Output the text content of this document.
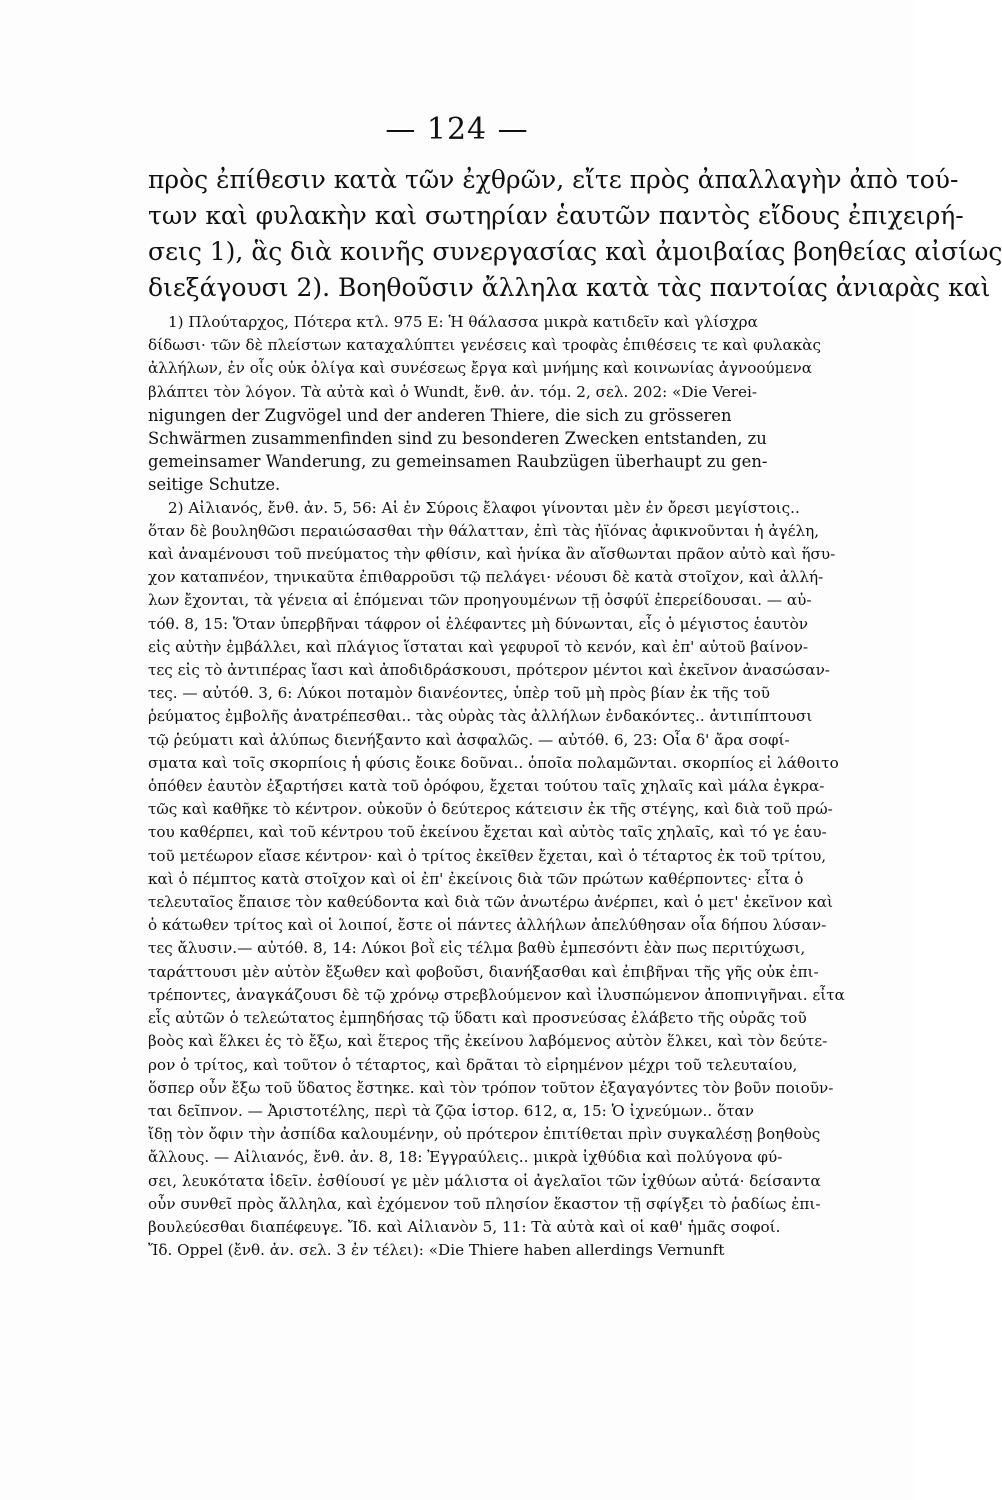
— 124 —
πρὸς ἐπίθεσιν κατὰ τῶν ἐχθρῶν, εἴτε πρὸς ἀπαλλαγὴν ἀπὸ τού-
των καὶ φυλακὴν καὶ σωτηρίαν ἑαυτῶν παντὸς εἴδους ἐπιχειρή-
σεις 1), ἃς διὰ κοινῆς συνεργασίας καὶ ἀμοιβαίας βοηθείας αἰσίως
διεξάγουσι 2). Βοηθοῦσιν ἄλληλα κατὰ τὰς παντοίας ἀνιαρὰς καὶ
1) Πλούταρχος, Πότερα κτλ. 975 E: Ἡ θάλασσα μικρὰ κατιδεῖν καὶ γλίσχρα
δίδωσι· τῶν δὲ πλείστων καταχαλύπτει γενέσεις καὶ τροφὰς ἐπιθέσεις τε καὶ φυλακὰς
ἀλλήλων, ἐν οἷς οὐκ ὀλίγα καὶ συνέσεως ἔργα καὶ μνήμης καὶ κοινωνίας ἀγνοούμενα
βλάπτει τὸν λόγον. Τὰ αὐτὰ καὶ ὁ Wundt, ἔνθ. ἀν. τόμ. 2, σελ. 202: «Die Verei-
nigungen der Zugvögel und der anderen Thiere, die sich zu grösseren
Schwärmen zusammenfinden sind zu besonderen Zwecken entstanden, zu
gemeinsamer Wanderung, zu gemeinsamen Raubzügen überhaupt zu gen-
seitige Schutze.
2) Αἰλιανός, ἔνθ. ἀν. 5, 56: Αἱ ἐν Σύροις ἔλαφοι γίνονται μὲν ἐν ὄρεσι μεγίστοις..
ὅταν δὲ βουληθῶσι περαιώσασθαι τὴν θάλατταν, ἐπὶ τὰς ἠϊόνας ἀφικνοῦνται ἡ ἀγέλη,
καὶ ἀναμένουσι τοῦ πνεύματος τὴν φθίσιν, καὶ ἡνίκα ἂν αἴσθωνται πρᾶον αὐτὸ καὶ ἥσυ-
χον καταπνέον, τηνικαῦτα ἐπιθαρροῦσι τῷ πελάγει· νέουσι δὲ κατὰ στοῖχον, καὶ ἀλλή-
λων ἔχονται, τὰ γένεια αἱ ἑπόμεναι τῶν προηγουμένων τῇ ὀσφύϊ ἐπερείδουσαι. — αὐ-
τόθ. 8, 15: Ὅταν ὑπερβῆναι τάφρον οἱ ἐλέφαντες μὴ δύνωνται, εἷς ὁ μέγιστος ἑαυτὸν
εἰς αὐτὴν ἐμβάλλει, καὶ πλάγιος ἵσταται καὶ γεφυροῖ τὸ κενόν, καὶ ἐπ' αὐτοῦ βαίνον-
τες εἰς τὸ ἀντιπέρας ἴασι καὶ ἀποδιδράσκουσι, πρότερον μέντοι καὶ ἐκεῖνον ἀνασώσαν-
τες. — αὐτόθ. 3, 6: Λύκοι ποταμὸν διανέοντες, ὑπὲρ τοῦ μὴ πρὸς βίαν ἐκ τῆς τοῦ
ῥεύματος ἐμβολῆς ἀνατρέπεσθαι.. τὰς οὐρὰς τὰς ἀλλήλων ἐνδακόντες.. ἀντιπίπτουσι
τῷ ῥεύματι καὶ ἀλύπως διενήξαντο καὶ ἀσφαλῶς. — αὐτόθ. 6, 23: Οἷα δ' ἄρα σοφί-
σματα καὶ τοῖς σκορπίοις ἡ φύσις ἔοικε δοῦναι.. ὁποῖα πολαμῶνται. σκορπίος εἰ λάθοιτο
ὁπόθεν ἑαυτὸν ἐξαρτήσει κατὰ τοῦ ὀρόφου, ἔχεται τούτου ταῖς χηλαῖς καὶ μάλα ἐγκρα-
τῶς καὶ καθῆκε τὸ κέντρον. οὐκοῦν ὁ δεύτερος κάτεισιν ἐκ τῆς στέγης, καὶ διὰ τοῦ πρώ-
του καθέρπει, καὶ τοῦ κέντρου τοῦ ἐκείνου ἔχεται καὶ αὐτὸς ταῖς χηλαῖς, καὶ τό γε ἑαυ-
τοῦ μετέωρον εἴασε κέντρον· καὶ ὁ τρίτος ἐκεῖθεν ἔχεται, καὶ ὁ τέταρτος ἐκ τοῦ τρίτου,
καὶ ὁ πέμπτος κατὰ στοῖχον καὶ οἱ ἐπ' ἐκείνοις διὰ τῶν πρώτων καθέρποντες· εἶτα ὁ
τελευταῖος ἔπαισε τὸν καθεύδοντα καὶ διὰ τῶν ἀνωτέρω ἀνέρπει, καὶ ὁ μετ' ἐκεῖνον καὶ
ὁ κάτωθεν τρίτος καὶ οἱ λοιποί, ἔστε οἱ πάντες ἀλλήλων ἀπελύθησαν οἷα δήπου λύσαν-
τες ἄλυσιν.— αὐτόθ. 8, 14: Λύκοι βοῒ εἰς τέλμα βαθὺ ἐμπεσόντι ἐὰν πως περιτύχωσι,
ταράττουσι μὲν αὐτὸν ἔξωθεν καὶ φοβοῦσι, διανήξασθαι καὶ ἐπιβῆναι τῆς γῆς οὐκ ἐπι-
τρέποντες, ἀναγκάζουσι δὲ τῷ χρόνῳ στρεβλούμενον καὶ ἰλυσπώμενον ἀποπνιγῆναι. εἶτα
εἷς αὐτῶν ὁ τελεώτατος ἐμπηδήσας τῷ ὕδατι καὶ προσνεύσας ἐλάβετο τῆς οὐρᾶς τοῦ
βοὸς καὶ ἕλκει ἐς τὸ ἔξω, καὶ ἕτερος τῆς ἐκείνου λαβόμενος αὐτὸν ἕλκει, καὶ τὸν δεύτε-
ρον ὁ τρίτος, καὶ τοῦτον ὁ τέταρτος, καὶ δρᾶται τὸ εἰρημένον μέχρι τοῦ τελευταίου,
ὅσπερ οὖν ἔξω τοῦ ὕδατος ἔστηκε. καὶ τὸν τρόπον τοῦτον ἐξαγαγόντες τὸν βοῦν ποιοῦν-
ται δεῖπνον. — Ἀριστοτέλης, περὶ τὰ ζῷα ἱστορ. 612, α, 15: Ὁ ἰχνεύμων.. ὅταν
ἴδῃ τὸν ὄφιν τὴν ἀσπίδα καλουμένην, οὐ πρότερον ἐπιτίθεται πρὶν συγκαλέσῃ βοηθοὺς
ἄλλους. — Αἰλιανός, ἔνθ. ἀν. 8, 18: Ἐγγραύλεις.. μικρὰ ἰχθύδια καὶ πολύγονα φύ-
σει, λευκότατα ἰδεῖν. ἐσθίουσί γε μὲν μάλιστα οἱ ἀγελαῖοι τῶν ἰχθύων αὐτά· δείσαντα
οὖν συνθεῖ πρὸς ἄλληλα, καὶ ἐχόμενον τοῦ πλησίον ἕκαστον τῇ σφίγξει τὸ ῥαδίως ἐπι-
βουλεύεσθαι διαπέφευγε. Ἴδ. καὶ Αἰλιανὸν 5, 11: Τὰ αὐτὰ καὶ οἱ καθ' ἡμᾶς σοφοί.
Ἴδ. Oppel (ἔνθ. ἀν. σελ. 3 ἐν τέλει): «Die Thiere haben allerdings Vernunft
